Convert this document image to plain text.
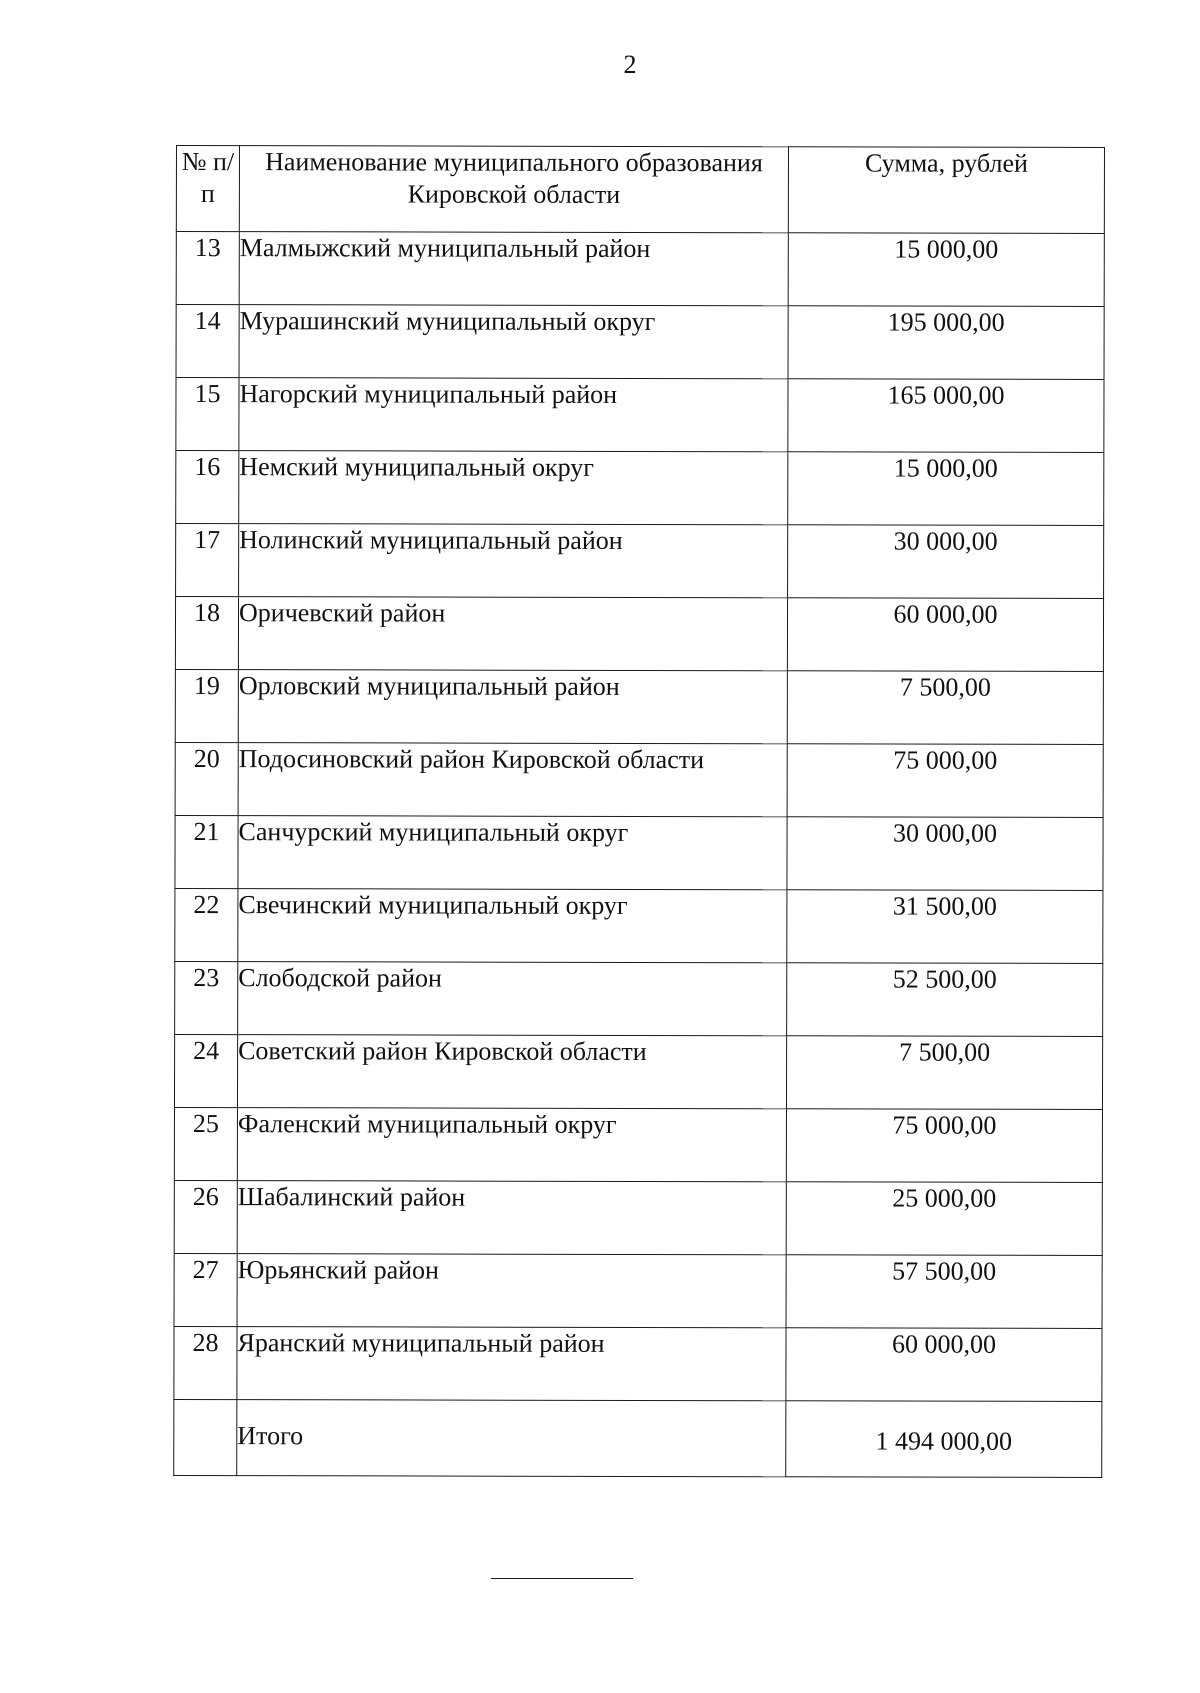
2
№ п/п	Наименование муниципального образования Кировской области	Сумма, рублей
13	Малмыжский муниципальный район	15 000,00
14	Мурашинский муниципальный округ	195 000,00
15	Нагорский муниципальный район	165 000,00
16	Немский муниципальный округ	15 000,00
17	Нолинский муниципальный район	30 000,00
18	Оричевский район	60 000,00
19	Орловский муниципальный район	7 500,00
20	Подосиновский район Кировской области	75 000,00
21	Санчурский муниципальный округ	30 000,00
22	Свечинский муниципальный округ	31 500,00
23	Слободской район	52 500,00
24	Советский район Кировской области	7 500,00
25	Фаленский муниципальный округ	75 000,00
26	Шабалинский район	25 000,00
27	Юрьянский район	57 500,00
28	Яранский муниципальный район	60 000,00
	Итого	1 494 000,00
